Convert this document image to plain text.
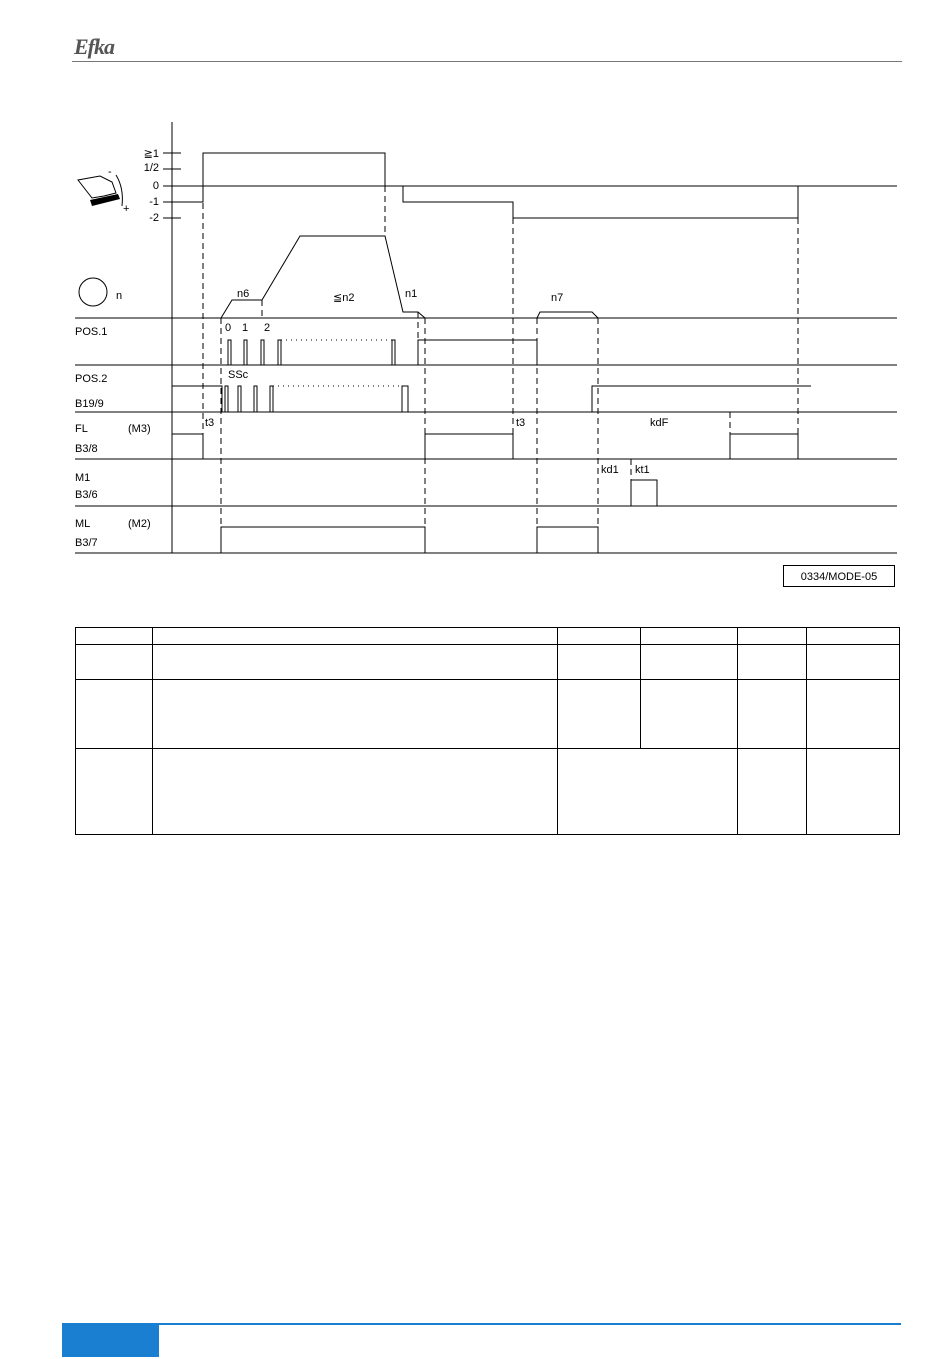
Efka
-
+
n
≧1
1/2
0
-1
-2
n6	≦n2	n1	n7
0 1 2
SSc
t3	t3	kdF
kd1 kt1
POS.1
POS.2
B19/9
FL	(M3)
B3/8
M1
B3/6
ML	(M2)
B3/7
0334/MODE-05
